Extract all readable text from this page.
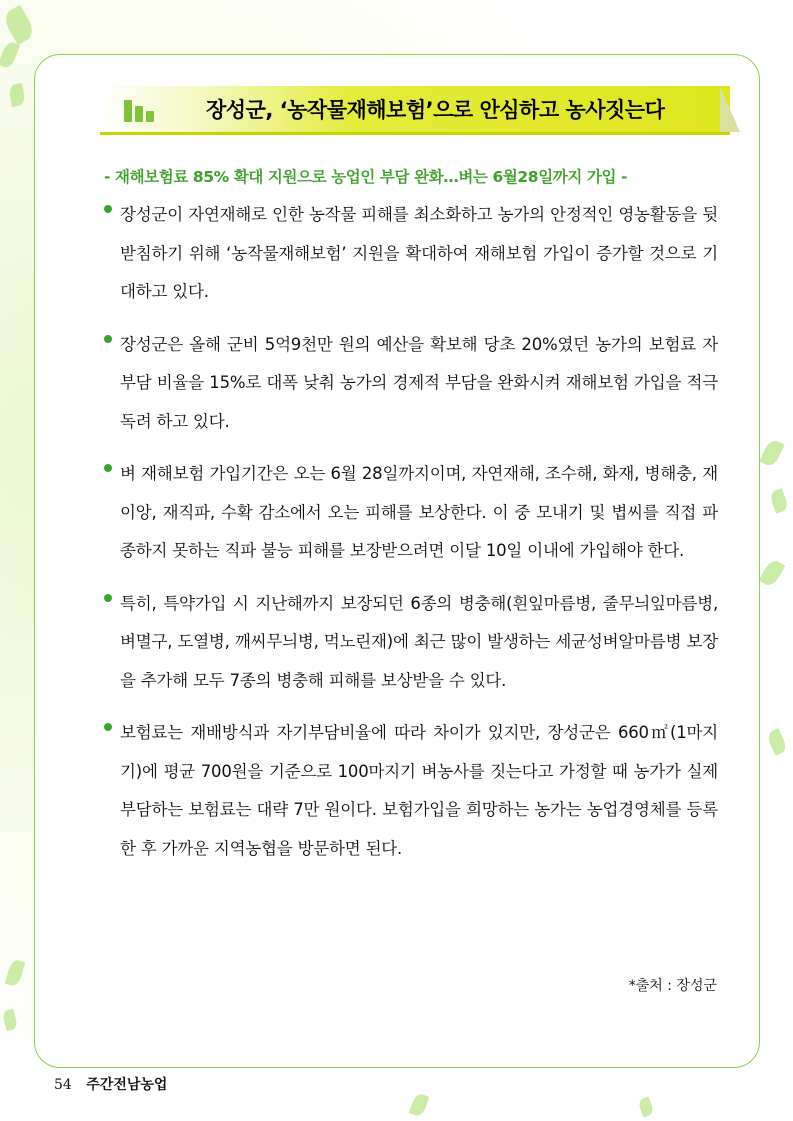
장성군, ‘농작물재해보험’으로 안심하고 농사짓는다
- 재해보험료 85% 확대 지원으로 농업인 부담 완화…벼는 6월28일까지 가입 -
장성군이 자연재해로 인한 농작물 피해를 최소화하고 농가의 안정적인 영농활동을 뒷받침하기 위해 ‘농작물재해보험’ 지원을 확대하여 재해보험 가입이 증가할 것으로 기대하고 있다.
장성군은 올해 군비 5억9천만 원의 예산을 확보해 당초 20%였던 농가의 보험료 자부담 비율을 15%로 대폭 낮춰 농가의 경제적 부담을 완화시켜 재해보험 가입을 적극 독려 하고 있다.
벼 재해보험 가입기간은 오는 6월 28일까지이며, 자연재해, 조수해, 화재, 병해충, 재이앙, 재직파, 수확 감소에서 오는 피해를 보상한다. 이 중 모내기 및 볍씨를 직접 파종하지 못하는 직파 불능 피해를 보장받으려면 이달 10일 이내에 가입해야 한다.
특히, 특약가입 시 지난해까지 보장되던 6종의 병충해(흰잎마름병, 줄무늬잎마름병, 벼멸구, 도열병, 깨씨무늬병, 먹노린재)에 최근 많이 발생하는 세균성벼알마름병 보장을 추가해 모두 7종의 병충해 피해를 보상받을 수 있다.
보험료는 재배방식과 자기부담비율에 따라 차이가 있지만, 장성군은 660㎡(1마지기)에 평균 700원을 기준으로 100마지기 벼농사를 짓는다고 가정할 때 농가가 실제 부담하는 보험료는 대략 7만 원이다. 보험가입을 희망하는 농가는 농업경영체를 등록한 후 가까운 지역농협을 방문하면 된다.
*출처 : 장성군
54 주간전남농업
